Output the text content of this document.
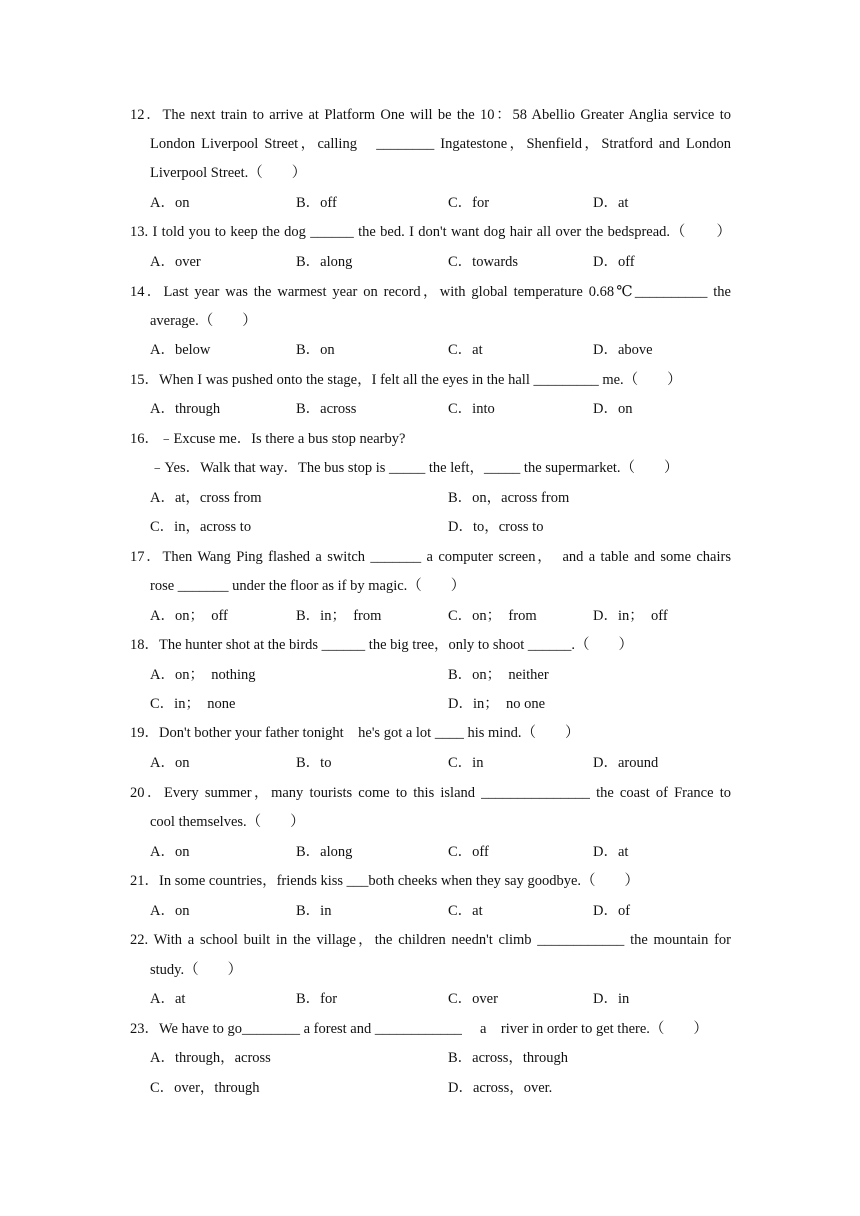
12．The next train to arrive at Platform One will be the 10：58 Abellio Greater Anglia service to
London Liverpool Street，calling　________ Ingatestone，Shenfield，Stratford and London
Liverpool Street.（　　）
A．on	B．off	C．for	D．at
13. I told you to keep the dog ______ the bed. I don't want dog hair all over the bedspread.（　　）
A．over	B．along	C．towards	D．off
14．Last year was the warmest year on record，with global temperature 0.68℃__________ the
average.（　　）
A．below	B．on	C．at	D．above
15．When I was pushed onto the stage，I felt all the eyes in the hall _________ me.（　　）
A．through	B．across	C．into	D．on
16．﹣Excuse me．Is there a bus stop nearby?
﹣Yes．Walk that way．The bus stop is _____ the left，_____ the supermarket.（　　）
A．at，cross from	B．on，across from
C．in，across to	D．to，cross to
17．Then Wang Ping flashed a switch _______ a computer screen，　and a table and some chairs
rose _______ under the floor as if by magic.（　　）
A．on；　off	B．in；　from	C．on；　from	D．in；　off
18．The hunter shot at the birds ______ the big tree，only to shoot ______.（　　）
A．on；　nothing	B．on；　neither
C．in；　none	D．in；　no one
19．Don't bother your father tonight　he's got a lot ____ his mind.（　　）
A．on	B．to	C．in	D．around
20．Every summer，many tourists come to this island _______________ the coast of France to
cool themselves.（　　）
A．on	B．along	C．off	D．at
21．In some countries，friends kiss ___both cheeks when they say goodbye.（　　）
A．on	B．in	C．at	D．of
22. With a school built in the village，the children needn't climb ____________ the mountain for
study.（　　）
A．at	B．for	C．over	D．in
23．We have to go________ a forest and ____________　 a　river in order to get there.（　　）
A．through，across	B．across，through
C．over，through	D．across，over.
